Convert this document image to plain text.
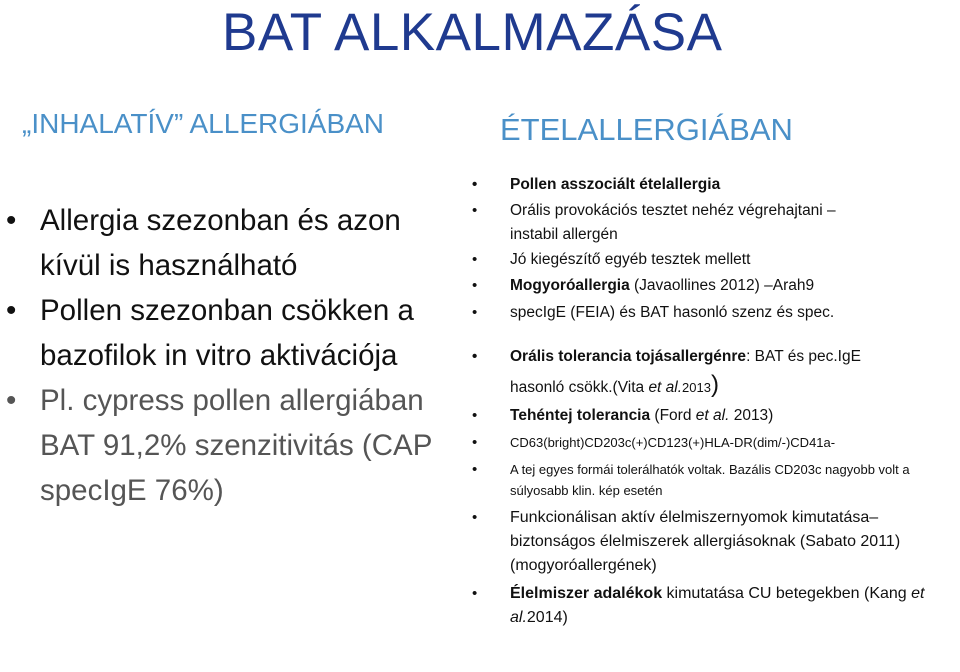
BAT ALKALMAZÁSA
„INHALATÍV” ALLERGIÁBAN	ÉTELALLERGIÁBAN
• Allergia szezonban és azon kívül is használható
• Pollen szezonban csökken a bazofilok in vitro aktivációja
• Pl. cypress pollen allergiában BAT 91,2% szenzitivitás (CAP specIgE 76%)
• Pollen asszociált ételallergia
• Orális provokációs tesztet nehéz végrehajtani –
instabil allergén
• Jó kiegészítő egyéb tesztek mellett
• Mogyoróallergia (Javaollines 2012) –Arah9
• specIgE (FEIA) és BAT hasonló szenz és spec.
• Orális tolerancia tojásallergénre: BAT és pec.IgE
hasonló csökk.(Vita et al.2013)
• Tehéntej tolerancia (Ford et al. 2013)
• CD63(bright)CD203c(+)CD123(+)HLA-DR(dim/-)CD41a-
• A tej egyes formái tolerálhatók voltak. Bazális CD203c nagyobb volt a súlyosabb klin. kép esetén
• Funkcionálisan aktív élelmiszernyomok kimutatása– biztonságos élelmiszerek allergiásoknak (Sabato 2011) (mogyoróallergének)
• Élelmiszer adalékok kimutatása CU betegekben (Kang et al.2014)
